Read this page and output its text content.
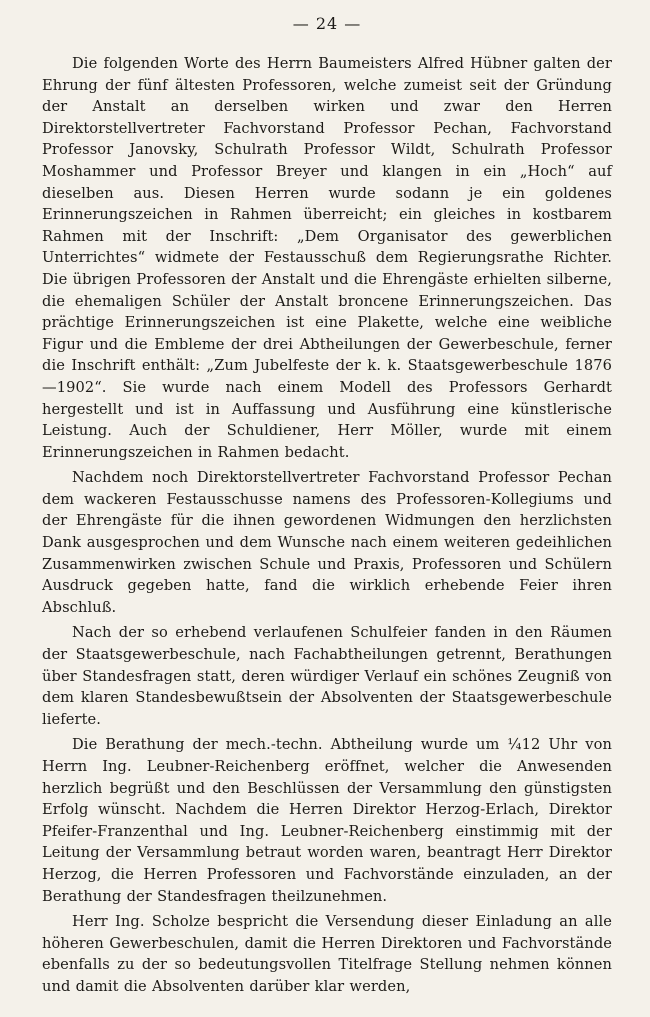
— 24 —

Die folgenden Worte des Herrn Baumeisters Alfred Hübner galten der Ehrung der fünf ältesten Professoren, welche zumeist seit der Gründung der Anstalt an derselben wirken und zwar den Herren Direktorstellvertreter Fachvorstand Professor Pechan, Fachvorstand Professor Janovsky, Schulrath Professor Wildt, Schulrath Professor Moshammer und Professor Breyer und klangen in ein „Hoch“ auf dieselben aus. Diesen Herren wurde sodann je ein goldenes Erinnerungszeichen in Rahmen überreicht; ein gleiches in kostbarem Rahmen mit der Inschrift: „Dem Organisator des gewerblichen Unterrichtes“ widmete der Festausschuß dem Regierungsrathe Richter. Die übrigen Professoren der Anstalt und die Ehrengäste erhielten silberne, die ehemaligen Schüler der Anstalt broncene Erinnerungszeichen. Das prächtige Erinnerungszeichen ist eine Plakette, welche eine weibliche Figur und die Embleme der drei Abtheilungen der Gewerbeschule, ferner die Inschrift enthält: „Zum Jubelfeste der k. k. Staatsgewerbeschule 1876—1902“. Sie wurde nach einem Modell des Professors Gerhardt hergestellt und ist in Auffassung und Ausführung eine künstlerische Leistung. Auch der Schuldiener, Herr Möller, wurde mit einem Erinnerungszeichen in Rahmen bedacht.

Nachdem noch Direktorstellvertreter Fachvorstand Professor Pechan dem wackeren Festausschusse namens des Professoren-Kollegiums und der Ehrengäste für die ihnen gewordenen Widmungen den herzlichsten Dank ausgesprochen und dem Wunsche nach einem weiteren gedeihlichen Zusammenwirken zwischen Schule und Praxis, Professoren und Schülern Ausdruck gegeben hatte, fand die wirklich erhebende Feier ihren Abschluß.

Nach der so erhebend verlaufenen Schulfeier fanden in den Räumen der Staatsgewerbeschule, nach Fachabtheilungen getrennt, Berathungen über Standesfragen statt, deren würdiger Verlauf ein schönes Zeugniß von dem klaren Standesbewußtsein der Absolventen der Staatsgewerbeschule lieferte.

Die Berathung der mech.-techn. Abtheilung wurde um ¼12 Uhr von Herrn Ing. Leubner-Reichenberg eröffnet, welcher die Anwesenden herzlich begrüßt und den Beschlüssen der Versammlung den günstigsten Erfolg wünscht. Nachdem die Herren Direktor Herzog-Erlach, Direktor Pfeifer-Franzenthal und Ing. Leubner-Reichenberg einstimmig mit der Leitung der Versammlung betraut worden waren, beantragt Herr Direktor Herzog, die Herren Professoren und Fachvorstände einzuladen, an der Berathung der Standesfragen theilzunehmen.

Herr Ing. Scholze bespricht die Versendung dieser Einladung an alle höheren Gewerbeschulen, damit die Herren Direktoren und Fachvorstände ebenfalls zu der so bedeutungsvollen Titelfrage Stellung nehmen können und damit die Absolventen darüber klar werden,
